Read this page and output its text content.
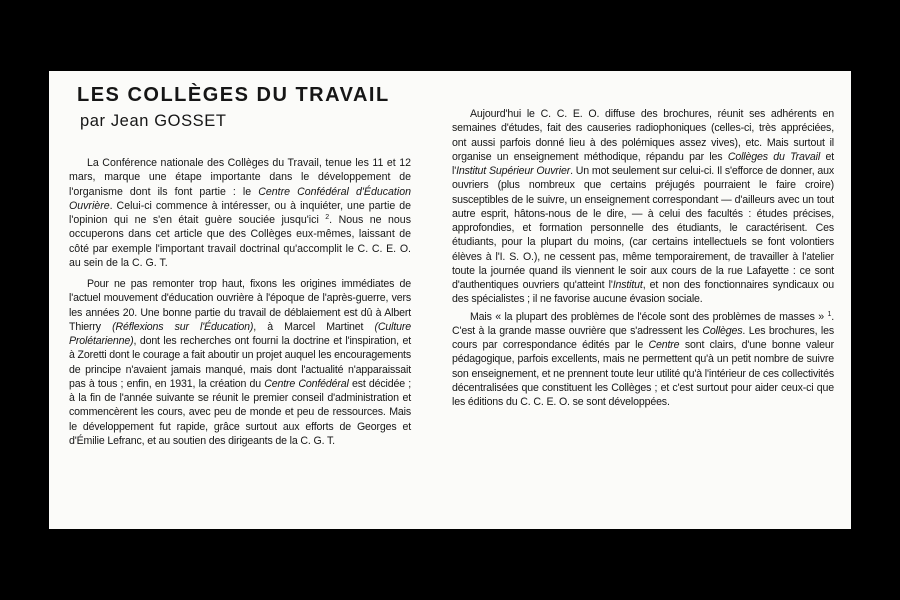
LES COLLÈGES DU TRAVAIL

par Jean GOSSET

La Conférence nationale des Collèges du Travail, tenue les 11 et 12 mars, marque une étape importante dans le développement de l'organisme dont ils font partie : le Centre Confédéral d'Éducation Ouvrière. Celui-ci commence à intéresser, ou à inquiéter, une partie de l'opinion qui ne s'en était guère souciée jusqu'ici $^2$. Nous ne nous occuperons dans cet article que des Collèges eux-mêmes, laissant de côté par exemple l'important travail doctrinal qu'accomplit le C. C. E. O. au sein de la C. G. T.

Pour ne pas remonter trop haut, fixons les origines immédiates de l'actuel mouvement d'éducation ouvrière à l'époque de l'après-guerre, vers les années 20. Une bonne partie du travail de déblaiement est dû à Albert Thierry (Réflexions sur l'Éducation), à Marcel Martinet (Culture Prolétarienne), dont les recherches ont fourni la doctrine et l'inspiration, et à Zoretti dont le courage a fait aboutir un projet auquel les encouragements de principe n'avaient jamais manqué, mais dont l'actualité n'apparaissait pas à tous ; enfin, en 1931, la création du Centre Confédéral est décidée ; à la fin de l'année suivante se réunit le premier conseil d'administration et commencèrent les cours, avec peu de monde et peu de ressources. Mais le développement fut rapide, grâce surtout aux efforts de Georges et d'Émilie Lefranc, et au soutien des dirigeants de la C. G. T.

Aujourd'hui le C. C. E. O. diffuse des brochures, réunit ses adhérents en semaines d'études, fait des causeries radiophoniques (celles-ci, très appréciées, ont aussi parfois donné lieu à des polémiques assez vives), etc. Mais surtout il organise un enseignement méthodique, répandu par les Collèges du Travail et l'Institut Supérieur Ouvrier. Un mot seulement sur celui-ci. Il s'efforce de donner, aux ouvriers (plus nombreux que certains préjugés pourraient le faire croire) susceptibles de le suivre, un enseignement correspondant — d'ailleurs avec un tout autre esprit, hâtons-nous de le dire, — à celui des facultés : études précises, approfondies, et formation personnelle des étudiants, le caractérisent. Ces étudiants, pour la plupart du moins, (car certains intellectuels se font volontiers élèves à l'I. S. O.), ne cessent pas, même temporairement, de travailler à l'atelier toute la journée quand ils viennent le soir aux cours de la rue Lafayette : ce sont d'authentiques ouvriers qu'atteint l'Institut, et non des fonctionnaires syndicaux ou des spécialistes ; il ne favorise aucune évasion sociale.

Mais « la plupart des problèmes de l'école sont des problèmes de masses » $^1$. C'est à la grande masse ouvrière que s'adressent les Collèges. Les brochures, les cours par correspondance édités par le Centre sont clairs, d'une bonne valeur pédagogique, parfois excellents, mais ne permettent qu'à un petit nombre de suivre son enseignement, et ne prennent toute leur utilité qu'à l'intérieur de ces collectivités décentralisées que constituent les Collèges ; et c'est surtout pour aider ceux-ci que les éditions du C. C. E. O. se sont développées.
